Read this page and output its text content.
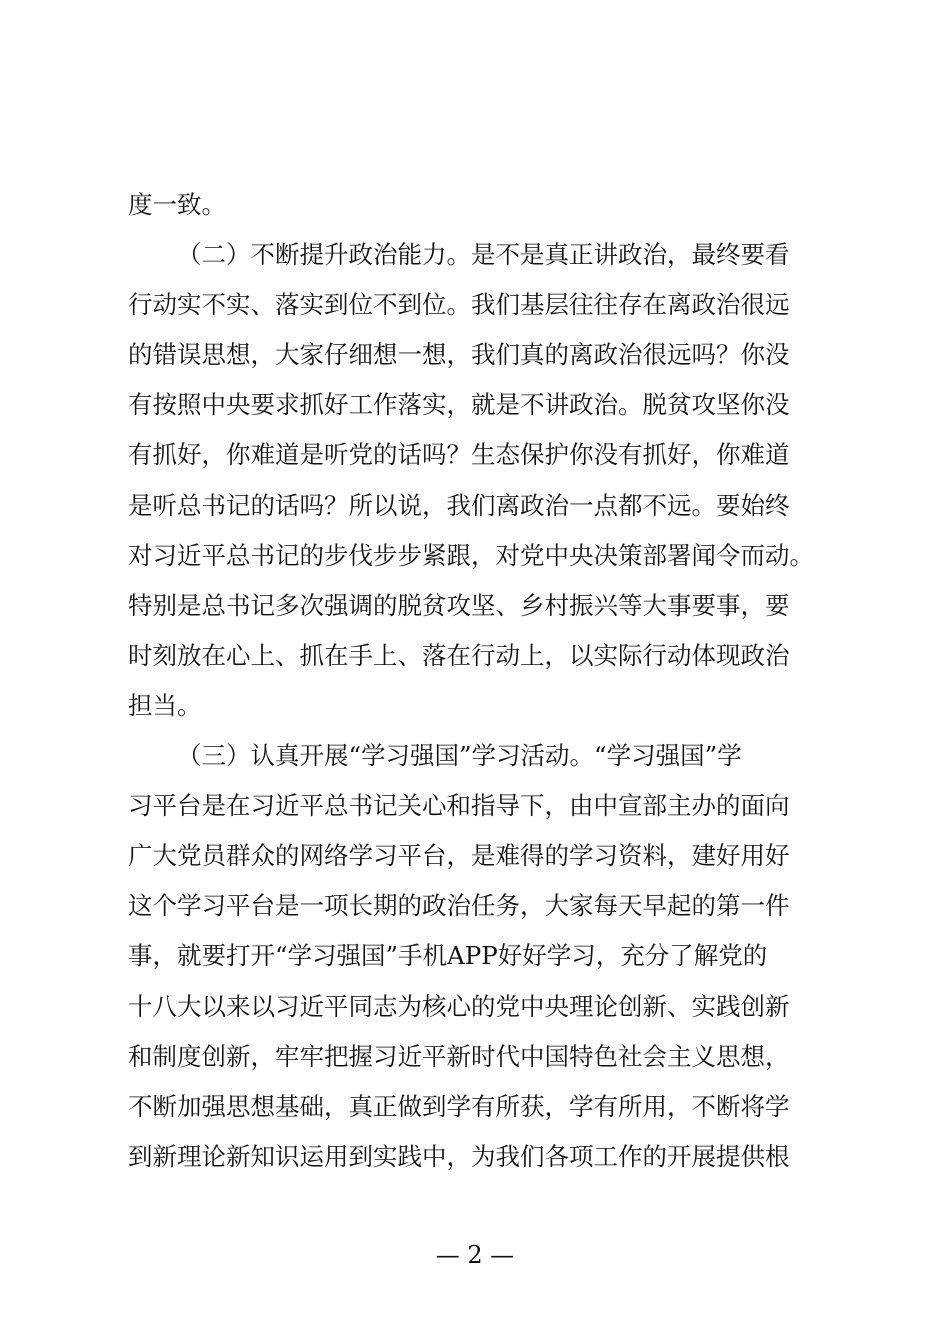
度一致。
（二）不断提升政治能力。是不是真正讲政治，最终要看
行动实不实、落实到位不到位。我们基层往往存在离政治很远
的错误思想，大家仔细想一想，我们真的离政治很远吗？你没
有按照中央要求抓好工作落实，就是不讲政治。脱贫攻坚你没
有抓好，你难道是听党的话吗？生态保护你没有抓好，你难道
是听总书记的话吗？所以说，我们离政治一点都不远。要始终
对习近平总书记的步伐步步紧跟，对党中央决策部署闻令而动。
特别是总书记多次强调的脱贫攻坚、乡村振兴等大事要事，要
时刻放在心上、抓在手上、落在行动上，以实际行动体现政治
担当。
（三）认真开展“学习强国”学习活动。“学习强国”学
习平台是在习近平总书记关心和指导下，由中宣部主办的面向
广大党员群众的网络学习平台，是难得的学习资料，建好用好
这个学习平台是一项长期的政治任务，大家每天早起的第一件
事，就要打开“学习强国”手机APP好好学习，充分了解党的
十八大以来以习近平同志为核心的党中央理论创新、实践创新
和制度创新，牢牢把握习近平新时代中国特色社会主义思想，
不断加强思想基础，真正做到学有所获，学有所用，不断将学
到新理论新知识运用到实践中，为我们各项工作的开展提供根
— 2 —
